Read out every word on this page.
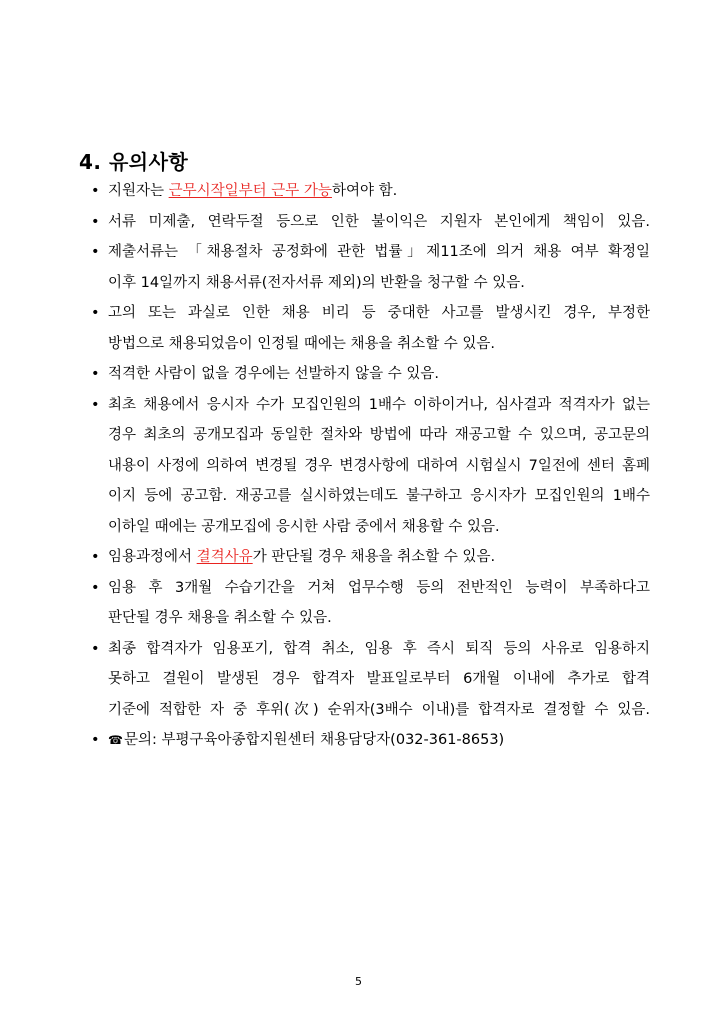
4. 유의사항
• 지원자는 근무시작일부터 근무 가능하여야 함.
• 서류 미제출, 연락두절 등으로 인한 불이익은 지원자 본인에게 책임이 있음.
• 제출서류는 「채용절차 공정화에 관한 법률」제11조에 의거 채용 여부 확정일
이후 14일까지 채용서류(전자서류 제외)의 반환을 청구할 수 있음.
• 고의 또는 과실로 인한 채용 비리 등 중대한 사고를 발생시킨 경우, 부정한
방법으로 채용되었음이 인정될 때에는 채용을 취소할 수 있음.
• 적격한 사람이 없을 경우에는 선발하지 않을 수 있음.
• 최초 채용에서 응시자 수가 모집인원의 1배수 이하이거나, 심사결과 적격자가 없는
경우 최초의 공개모집과 동일한 절차와 방법에 따라 재공고할 수 있으며, 공고문의
내용이 사정에 의하여 변경될 경우 변경사항에 대하여 시험실시 7일전에 센터 홈페
이지 등에 공고함. 재공고를 실시하였는데도 불구하고 응시자가 모집인원의 1배수
이하일 때에는 공개모집에 응시한 사람 중에서 채용할 수 있음.
• 임용과정에서 결격사유가 판단될 경우 채용을 취소할 수 있음.
• 임용 후 3개월 수습기간을 거쳐 업무수행 등의 전반적인 능력이 부족하다고
판단될 경우 채용을 취소할 수 있음.
• 최종 합격자가 임용포기, 합격 취소, 임용 후 즉시 퇴직 등의 사유로 임용하지
못하고 결원이 발생된 경우 합격자 발표일로부터 6개월 이내에 추가로 합격
기준에 적합한 자 중 후위(次) 순위자(3배수 이내)를 합격자로 결정할 수 있음.
• ☎문의: 부평구육아종합지원센터 채용담당자(032-361-8653)
5
